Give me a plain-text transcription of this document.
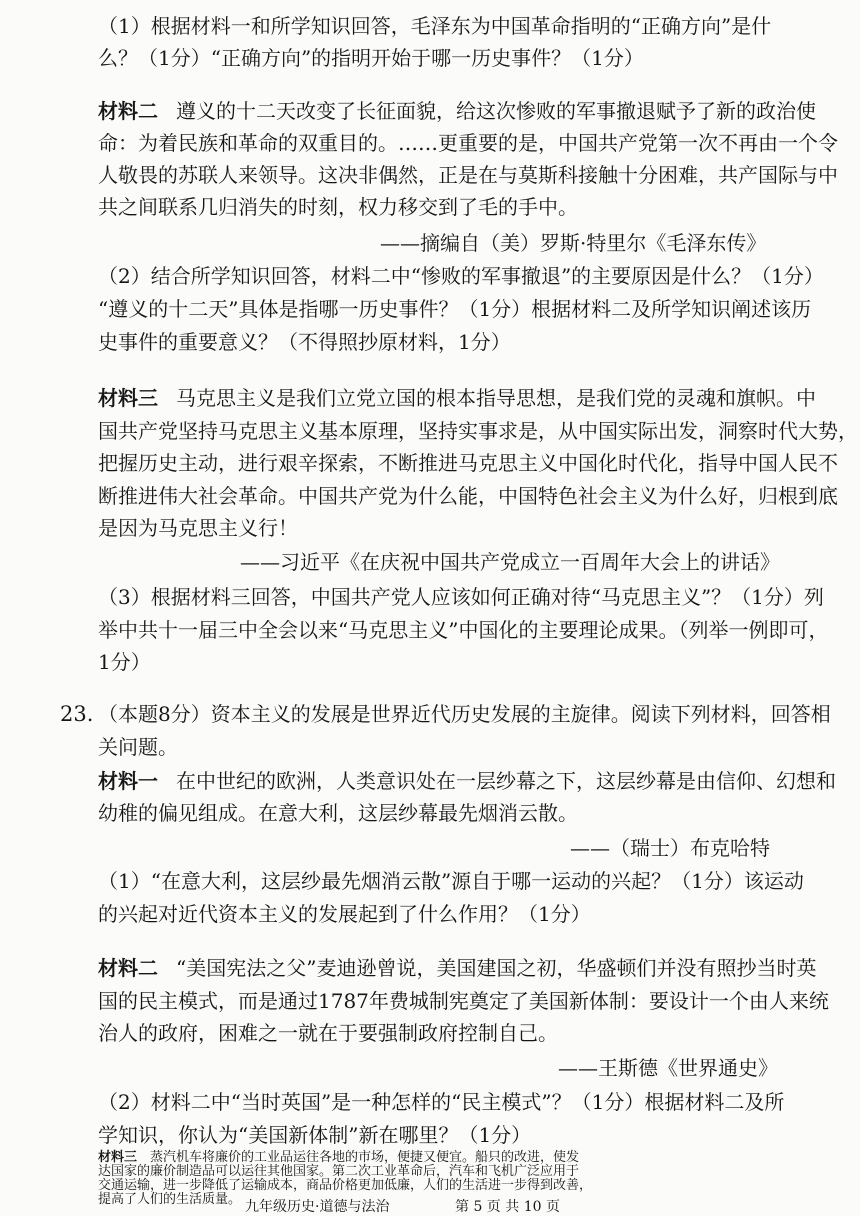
（1）根据材料一和所学知识回答，毛泽东为中国革命指明的“正确方向”是什
么？（1分）“正确方向”的指明开始于哪一历史事件？（1分）
材料二 遵义的十二天改变了长征面貌，给这次惨败的军事撤退赋予了新的政治使
命：为着民族和革命的双重目的。……更重要的是，中国共产党第一次不再由一个令
人敬畏的苏联人来领导。这决非偶然，正是在与莫斯科接触十分困难，共产国际与中
共之间联系几归消失的时刻，权力移交到了毛的手中。
——摘编自（美）罗斯·特里尔《毛泽东传》
（2）结合所学知识回答，材料二中“惨败的军事撤退”的主要原因是什么？（1分）
“遵义的十二天”具体是指哪一历史事件？（1分）根据材料二及所学知识阐述该历
史事件的重要意义？（不得照抄原材料，1分）
材料三 马克思主义是我们立党立国的根本指导思想，是我们党的灵魂和旗帜。中
国共产党坚持马克思主义基本原理，坚持实事求是，从中国实际出发，洞察时代大势，
把握历史主动，进行艰辛探索，不断推进马克思主义中国化时代化，指导中国人民不
断推进伟大社会革命。中国共产党为什么能，中国特色社会主义为什么好，归根到底
是因为马克思主义行！
——习近平《在庆祝中国共产党成立一百周年大会上的讲话》
（3）根据材料三回答，中国共产党人应该如何正确对待“马克思主义”？（1分）列
举中共十一届三中全会以来“马克思主义”中国化的主要理论成果。（列举一例即可，
1分）
23. （本题8分）资本主义的发展是世界近代历史发展的主旋律。阅读下列材料，回答相
关问题。
材料一 在中世纪的欧洲，人类意识处在一层纱幕之下，这层纱幕是由信仰、幻想和
幼稚的偏见组成。在意大利，这层纱幕最先烟消云散。
——（瑞士）布克哈特
（1）“在意大利，这层纱最先烟消云散”源自于哪一运动的兴起？（1分）该运动
的兴起对近代资本主义的发展起到了什么作用？（1分）
材料二 “美国宪法之父”麦迪逊曾说，美国建国之初，华盛顿们并没有照抄当时英
国的民主模式，而是通过1787年费城制宪奠定了美国新体制：要设计一个由人来统
治人的政府，困难之一就在于要强制政府控制自己。
——王斯德《世界通史》
（2）材料二中“当时英国”是一种怎样的“民主模式”？（1分）根据材料二及所
学知识，你认为“美国新体制”新在哪里？（1分）
材料三 蒸汽机车将廉价的工业品运往各地的市场，便捷又便宜。船只的改进，使发
达国家的廉价制造品可以运往其他国家。第二次工业革命后，汽车和飞机广泛应用于
交通运输，进一步降低了运输成本，商品价格更加低廉，人们的生活进一步得到改善，
提高了人们的生活质量。 九年级历史·道德与法治	第 5 页 共 10 页
